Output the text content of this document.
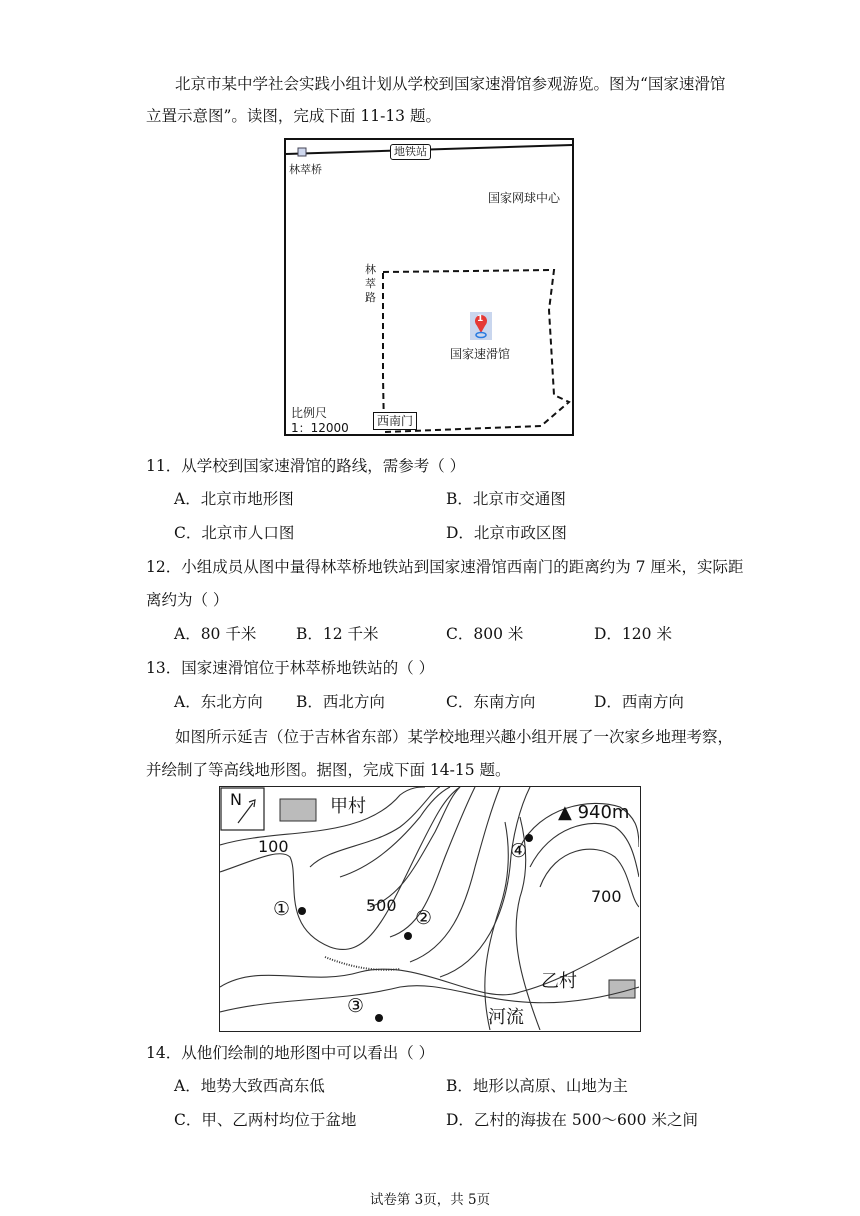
北京市某中学社会实践小组计划从学校到国家速滑馆参观游览。图为“国家速滑馆
立置示意图”。读图，完成下面 11-13 题。
地铁站
林萃桥
国家网球中心
林
萃
路
1
国家速滑馆
比例尺
1：12000	西南门
11．从学校到国家速滑馆的路线，需参考（ ）
A．北京市地形图	B．北京市交通图
C．北京市人口图	D．北京市政区图
12．小组成员从图中量得林萃桥地铁站到国家速滑馆西南门的距离约为 7 厘米，实际距
离约为（ ）
A．80 千米	B．12 千米	C．800 米	D．120 米
13．国家速滑馆位于林萃桥地铁站的（ ）
A．东北方向 B．西北方向	C．东南方向	D．西南方向
如图所示延吉（位于吉林省东部）某学校地理兴趣小组开展了一次家乡地理考察，
并绘制了等高线地形图。据图，完成下面 14-15 题。
N	甲村	▲ 940m
100
500	700
乙村
河流
①	②
③
④
14．从他们绘制的地形图中可以看出（ ）
A．地势大致西高东低	B．地形以高原、山地为主
C．甲、乙两村均位于盆地	D．乙村的海拔在 500～600 米之间
试卷第 3页，共 5页
